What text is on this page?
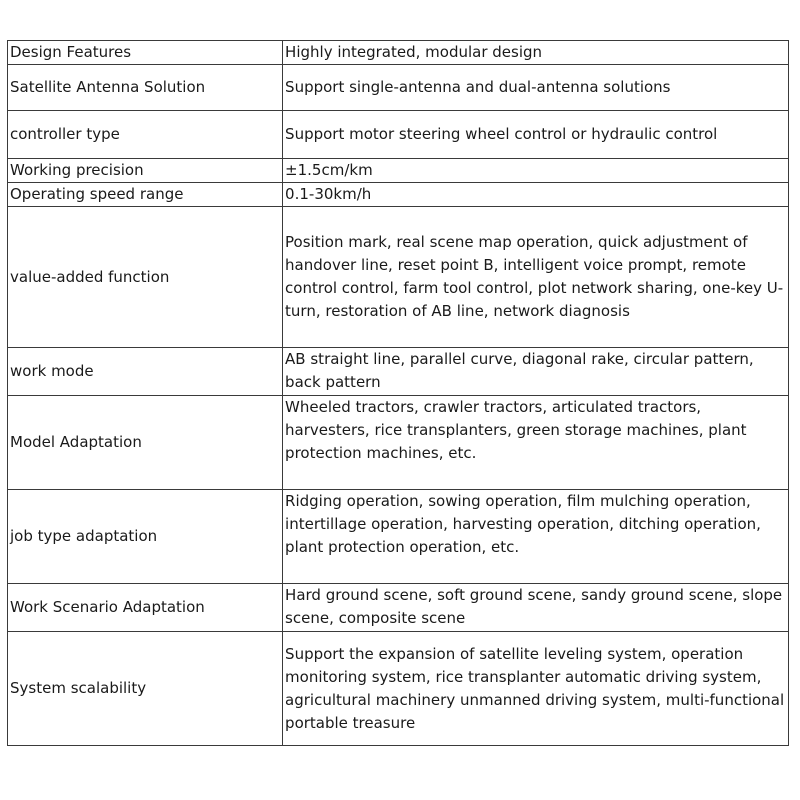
Design Features	Highly integrated, modular design
Satellite Antenna Solution	Support single-antenna and dual-antenna solutions
controller type	Support motor steering wheel control or hydraulic control
Working precision	±1.5cm/km
Operating speed range	0.1-30km/h
value-added function	Position mark, real scene map operation, quick adjustment of handover line, reset point B, intelligent voice prompt, remote control control, farm tool control, plot network sharing, one-key U-turn, restoration of AB line, network diagnosis
work mode	AB straight line, parallel curve, diagonal rake, circular pattern, back pattern
Model Adaptation	Wheeled tractors, crawler tractors, articulated tractors, harvesters, rice transplanters, green storage machines, plant protection machines, etc.
job type adaptation	Ridging operation, sowing operation, film mulching operation, intertillage operation, harvesting operation, ditching operation, plant protection operation, etc.
Work Scenario Adaptation	Hard ground scene, soft ground scene, sandy ground scene, slope scene, composite scene
System scalability	Support the expansion of satellite leveling system, operation monitoring system, rice transplanter automatic driving system, agricultural machinery unmanned driving system, multi-functional portable treasure
